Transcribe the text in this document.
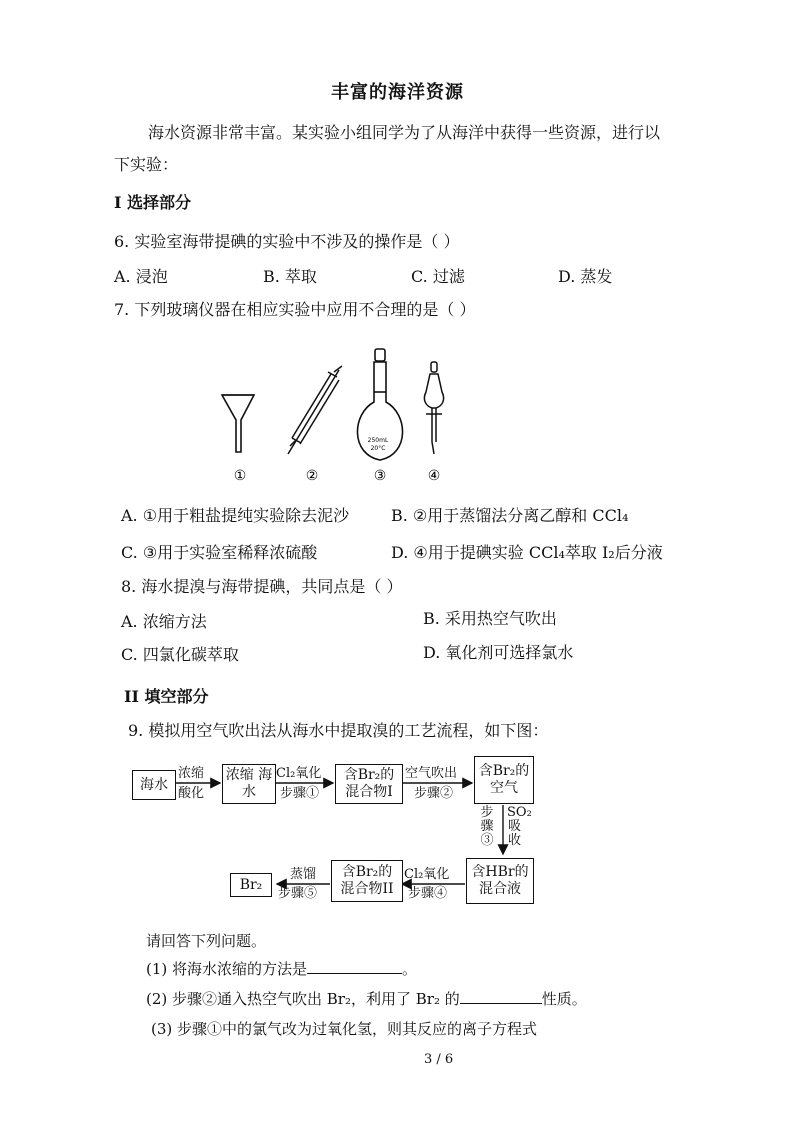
丰富的海洋资源
海水资源非常丰富。某实验小组同学为了从海洋中获得一些资源，进行以
下实验：
I 选择部分
6. 实验室海带提碘的实验中不涉及的操作是（ ）
A. 浸泡	B. 萃取	C. 过滤	D. 蒸发
7. 下列玻璃仪器在相应实验中应用不合理的是（ ）
250mL
20°C
①	②	③	④
A. ①用于粗盐提纯实验除去泥沙	B. ②用于蒸馏法分离乙醇和 CCl₄
C. ③用于实验室稀释浓硫酸	D. ④用于提碘实验 CCl₄萃取 I₂后分液
8. 海水提溴与海带提碘，共同点是（ ）
A. 浓缩方法	B. 采用热空气吹出
C. 四氯化碳萃取	D. 氧化剂可选择氯水
II 填空部分
9. 模拟用空气吹出法从海水中提取溴的工艺流程，如下图：
海水
浓缩 海水
含Br₂的 混合物I
含Br₂的 空气
含HBr的 混合液
含Br₂的 混合物II
Br₂
浓缩
酸化
Cl₂氧化
步骤①
空气吹出
步骤②
步骤③
SO₂吸收
Cl₂氧化
步骤④
蒸馏
步骤⑤
请回答下列问题。
(1) 将海水浓缩的方法是	。
(2) 步骤②通入热空气吹出 Br₂，利用了 Br₂ 的	性质。
(3) 步骤①中的氯气改为过氧化氢，则其反应的离子方程式
3 / 6
